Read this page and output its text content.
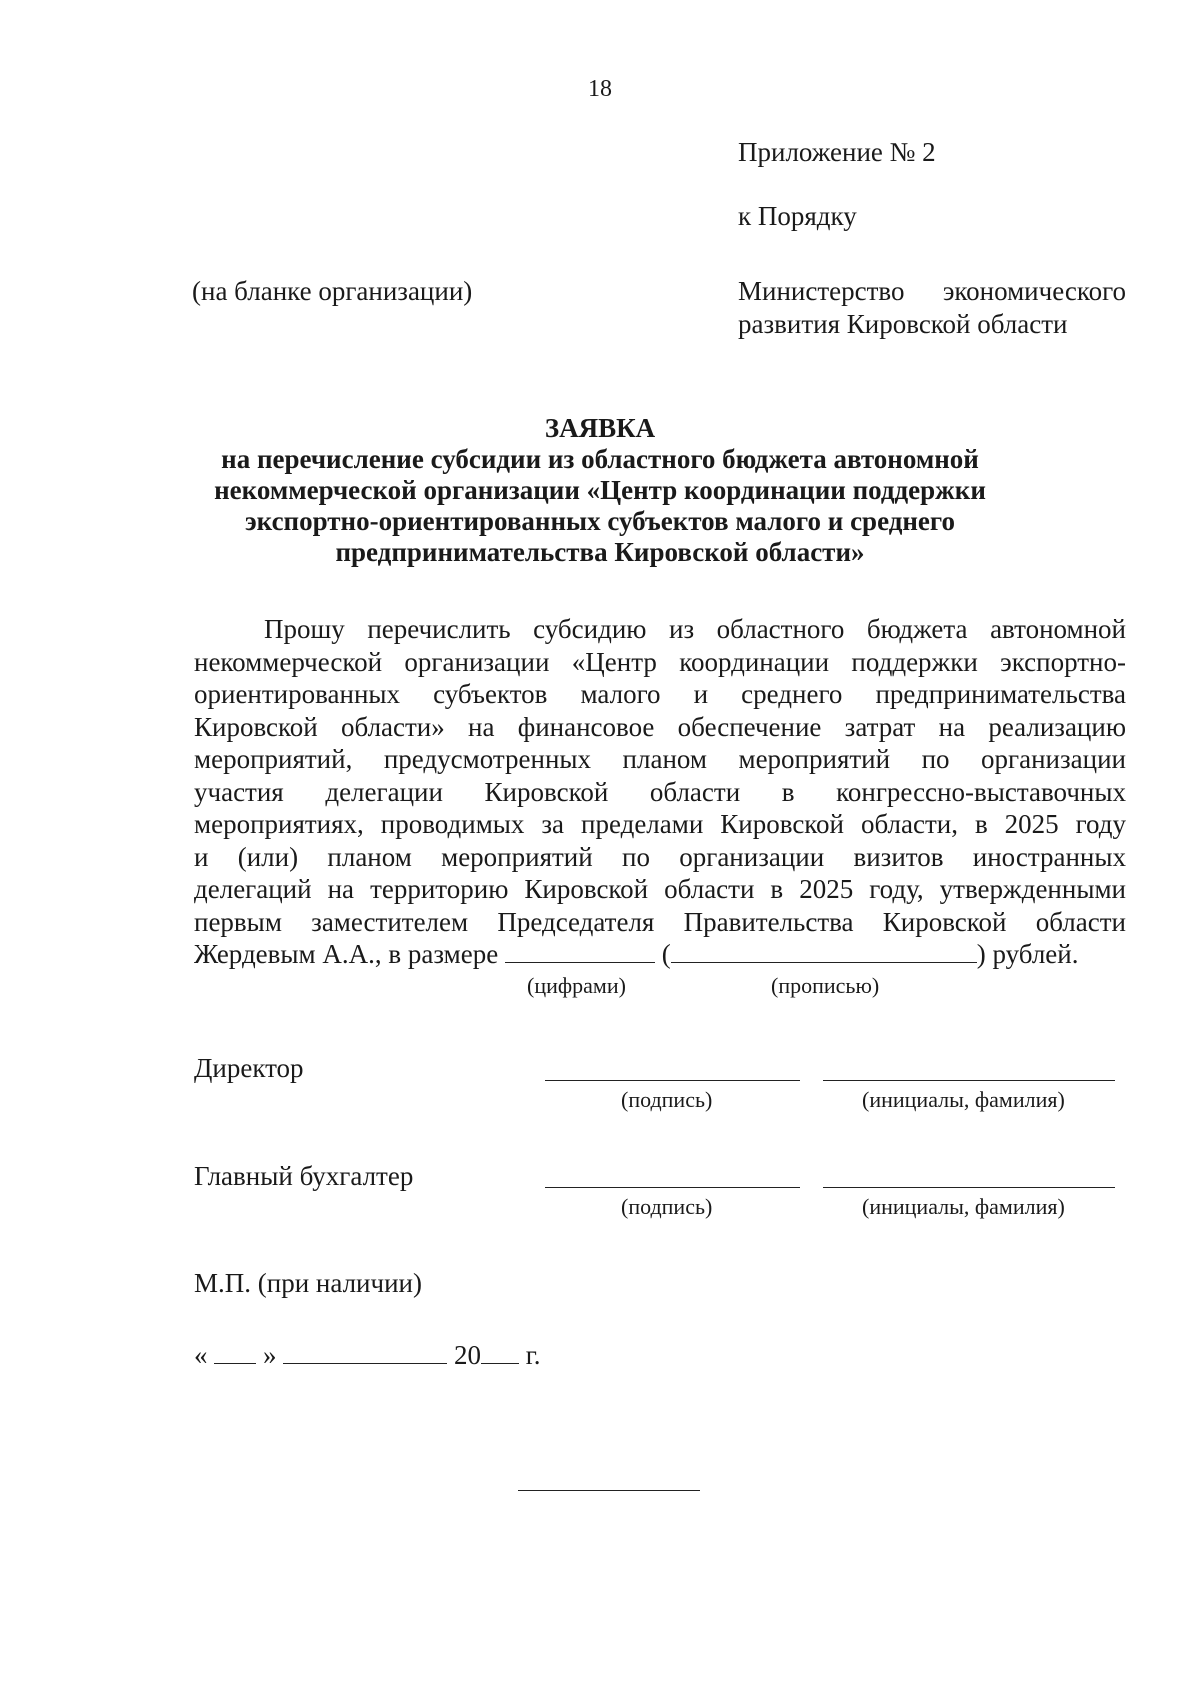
18
Приложение № 2
к Порядку
(на бланке организации)	Министерство экономического
развития Кировской области
ЗАЯВКА
на перечисление субсидии из областного бюджета автономной
некоммерческой организации «Центр координации поддержки
экспортно-ориентированных субъектов малого и среднего
предпринимательства Кировской области»
Прошу перечислить субсидию из областного бюджета автономной
некоммерческой организации «Центр координации поддержки экспортно-
ориентированных субъектов малого и среднего предпринимательства
Кировской области» на финансовое обеспечение затрат на реализацию
мероприятий, предусмотренных планом мероприятий по организации
участия делегации Кировской области в конгрессно-выставочных
мероприятиях, проводимых за пределами Кировской области, в 2025 году
и (или) планом мероприятий по организации визитов иностранных
делегаций на территорию Кировской области в 2025 году, утвержденными
первым заместителем Председателя Правительства Кировской области
Жердевым А.А., в размере	(	) рублей.
(цифрами)	(прописью)
Директор
(подпись)	(инициалы, фамилия)
Главный бухгалтер
(подпись)	(инициалы, фамилия)
М.П. (при наличии)
« »	20 г.
